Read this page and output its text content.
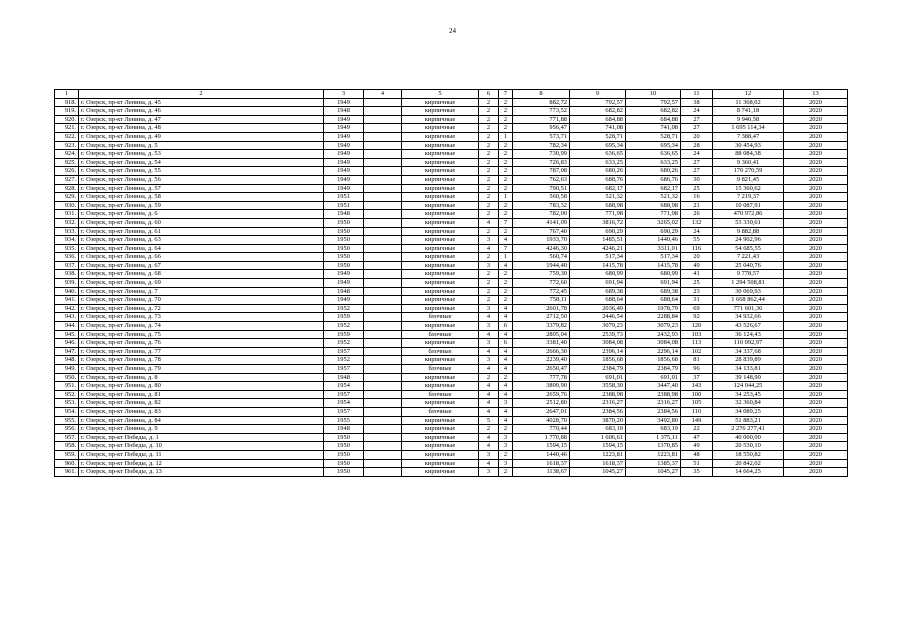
24
1	2	3	4	5	6	7	8	9	10	11	12	13
918.	г. Озерск, пр-кт Ленина, д. 45	1949		кирпичные	2	2	882,72	792,57	792,57	38	11 368,02	2020
919.	г. Озерск, пр-кт Ленина, д. 46	1948		кирпичные	2	2	773,52	682,82	682,82	24	8 741,18	2020
920.	г. Озерск, пр-кт Ленина, д. 47	1949		кирпичные	2	2	771,88	684,88	684,88	27	9 940,58	2020
921.	г. Озерск, пр-кт Ленина, д. 48	1949		кирпичные	2	2	956,47	741,08	741,08	27	1 695 114,34	2020
922.	г. Озерск, пр-кт Ленина, д. 49	1949		кирпичные	2	1	573,71	528,71	528,71	20	7 388,47	2020
923.	г. Озерск, пр-кт Ленина, д. 5	1949		кирпичные	2	2	782,34	695,34	695,34	28	30 454,93	2020
924.	г. Озерск, пр-кт Ленина, д. 53	1949		кирпичные	2	2	730,99	636,65	636,65	24	88 084,38	2020
925.	г. Озерск, пр-кт Ленина, д. 54	1949		кирпичные	2	2	726,83	633,25	633,25	27	9 360,41	2020
926.	г. Озерск, пр-кт Ленина, д. 55	1949		кирпичные	2	2	787,08	680,26	680,26	27	170 270,59	2020
927.	г. Озерск, пр-кт Ленина, д. 56	1949		кирпичные	2	2	762,63	688,76	686,76	30	9 821,45	2020
928.	г. Озерск, пр-кт Ленина, д. 57	1949		кирпичные	2	2	790,51	682,17	682,17	25	15 360,62	2020
929.	г. Озерск, пр-кт Ленина, д. 58	1951		кирпичные	2	1	560,58	521,32	521,32	16	7 219,37	2020
930.	г. Озерск, пр-кт Ленина, д. 59	1951		кирпичные	2	2	783,32	688,98	688,98	21	10 087,91	2020
931.	г. Озерск, пр-кт Ленина, д. 6	1948		кирпичные	2	2	782,00	771,98	771,98	26	470 972,86	2020
932.	г. Озерск, пр-кт Ленина, д. 60	1950		кирпичные	4	7	4141,09	3816,72	3265,02	132	53 330,61	2020
933.	г. Озерск, пр-кт Ленина, д. 61	1950		кирпичные	2	2	767,40	690,29	690,29	24	9 882,88	2020
934.	г. Озерск, пр-кт Ленина, д. 63	1950		кирпичные	3	4	1933,70	1485,51	1440,46	55	24 902,96	2020
935.	г. Озерск, пр-кт Ленина, д. 64	1950		кирпичные	4	7	4246,30	4246,21	3311,01	116	54 685,55	2020
936.	г. Озерск, пр-кт Ленина, д. 66	1950		кирпичные	2	1	560,74	517,34	517,34	20	7 221,43	2020
937.	г. Озерск, пр-кт Ленина, д. 67	1950		кирпичные	3	4	1944,40	1415,78	1415,78	49	25 040,76	2020
938.	г. Озерск, пр-кт Ленина, д. 68	1949		кирпичные	2	2	759,30	680,99	680,99	41	9 778,57	2020
939.	г. Озерск, пр-кт Ленина, д. 69	1949		кирпичные	2	2	772,60	691,94	691,94	25	1 294 508,81	2020
940.	г. Озерск, пр-кт Ленина, д. 7	1948		кирпичные	2	2	772,45	689,38	689,38	23	30 069,93	2020
941.	г. Озерск, пр-кт Ленина, д. 70	1949		кирпичные	2	2	758,11	688,64	688,64	31	1 668 862,44	2020
942.	г. Озерск, пр-кт Ленина, д. 72	1952		кирпичные	3	4	2601,78	2036,49	1978,79	69	771 601,36	2020
943.	г. Озерск, пр-кт Ленина, д. 73	1959		блочные	4	4	2712,50	2446,54	2288,84	92	34 932,66	2020
944.	г. Озерск, пр-кт Ленина, д. 74	1952		кирпичные	3	6	3379,82	3079,23	3079,23	120	43 526,67	2020
945.	г. Озерск, пр-кт Ленина, д. 75	1959		блочные	4	4	2805,04	2539,73	2432,93	103	36 124,43	2020
946.	г. Озерск, пр-кт Ленина, д. 76	1952		кирпичные	3	6	3381,40	3084,08	3084,08	113	110 092,97	2020
947.	г. Озерск, пр-кт Ленина, д. 77	1957		блочные	4	4	2666,30	2396,14	2296,14	102	34 337,68	2020
948.	г. Озерск, пр-кт Ленина, д. 78	1952		кирпичные	3	4	2239,40	1856,68	1856,68	81	28 839,89	2020
949.	г. Озерск, пр-кт Ленина, д. 79	1957		блочные	4	4	2650,47	2384,79	2384,79	96	34 133,81	2020
950.	г. Озерск, пр-кт Ленина, д. 8	1948		кирпичные	2	2	777,78	691,01	691,01	37	39 148,90	2020
951.	г. Озерск, пр-кт Ленина, д. 80	1954		кирпичные	4	4	3809,90	3558,30	3447,40	143	124 044,25	2020
952.	г. Озерск, пр-кт Ленина, д. 81	1957		блочные	4	4	2659,76	2388,98	2388,98	100	34 253,45	2020
953.	г. Озерск, пр-кт Ленина, д. 82	1954		кирпичные	4	3	2512,80	2316,27	2316,27	105	32 360,84	2020
954.	г. Озерск, пр-кт Ленина, д. 83	1957		блочные	4	4	2647,01	2384,56	2384,56	110	34 089,25	2020
955.	г. Озерск, пр-кт Ленина, д. 84	1955		кирпичные	5	4	4028,70	3870,20	3492,80	149	51 883,21	2020
956.	г. Озерск, пр-кт Ленина, д. 9	1948		кирпичные	2	2	770,44	683,19	683,19	22	2 276 277,41	2020
957.	г. Озерск, пр-кт Победы, д. 1	1950		кирпичные	4	3	1 770,88	1 606,61	1 375,11	47	40 000,00	2020
958.	г. Озерск, пр-кт Победы, д. 10	1950		кирпичные	4	3	1594,15	1594,15	1370,85	49	20 530,10	2020
959.	г. Озерск, пр-кт Победы, д. 11	1950		кирпичные	3	2	1440,46	1223,81	1223,81	48	18 550,82	2020
960.	г. Озерск, пр-кт Победы, д. 12	1950		кирпичные	4	3	1618,37	1618,37	1385,37	51	20 842,02	2020
961.	г. Озерск, пр-кт Победы, д. 13	1950		кирпичные	3	2	1138,67	1045,27	1045,27	35	14 664,25	2020
